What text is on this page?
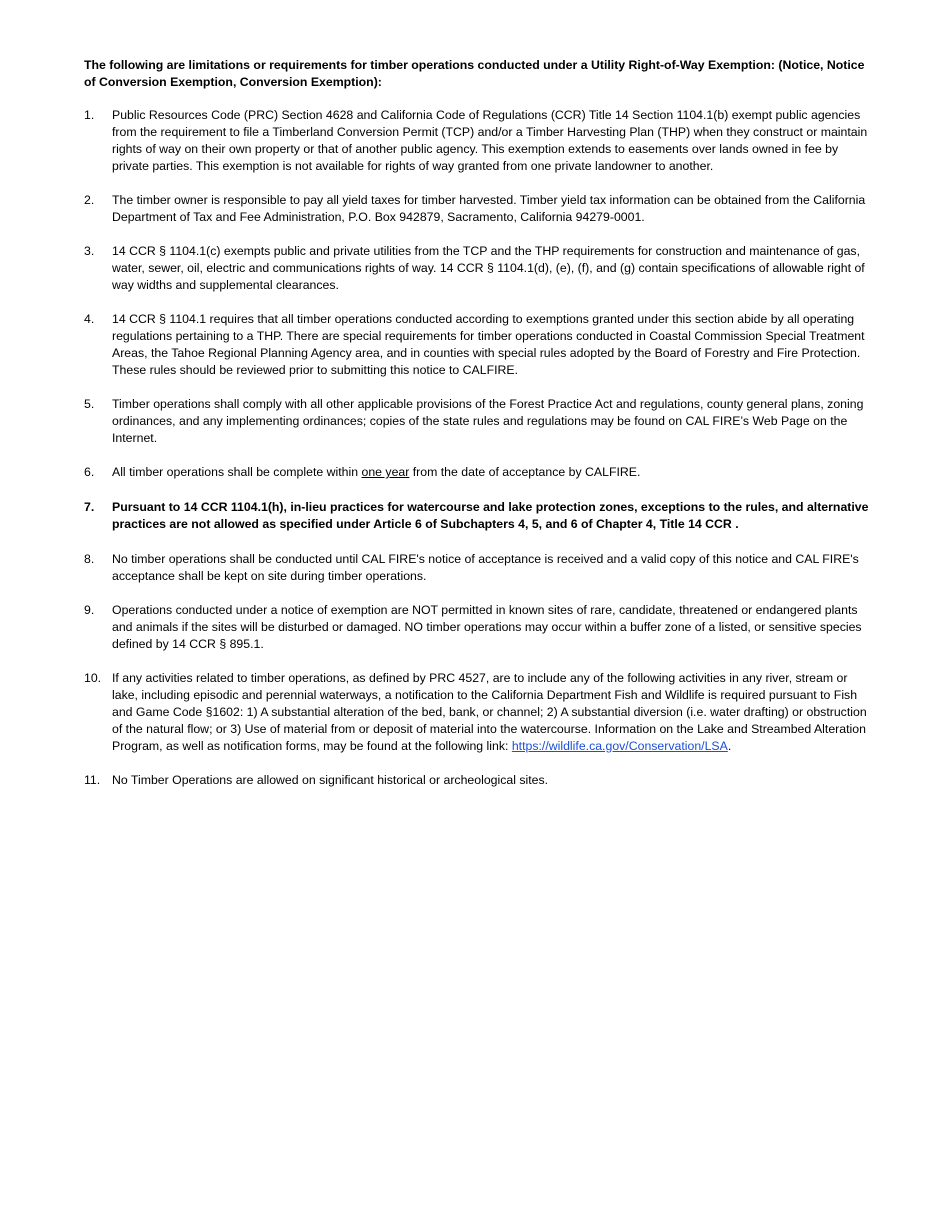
The following are limitations or requirements for timber operations conducted under a Utility Right-of-Way Exemption: (Notice, Notice of Conversion Exemption, Conversion Exemption):

1.	Public Resources Code (PRC) Section 4628 and California Code of Regulations (CCR) Title 14 Section 1104.1(b) exempt public agencies from the requirement to file a Timberland Conversion Permit (TCP) and/or a Timber Harvesting Plan (THP) when they construct or maintain rights of way on their own property or that of another public agency. This exemption extends to easements over lands owned in fee by private parties. This exemption is not available for rights of way granted from one private landowner to another.
2.	The timber owner is responsible to pay all yield taxes for timber harvested. Timber yield tax information can be obtained from the California Department of Tax and Fee Administration, P.O. Box 942879, Sacramento, California 94279-0001.
3.	14 CCR § 1104.1(c) exempts public and private utilities from the TCP and the THP requirements for construction and maintenance of gas, water, sewer, oil, electric and communications rights of way. 14 CCR § 1104.1(d), (e), (f), and (g) contain specifications of allowable right of way widths and supplemental clearances.
4.	14 CCR § 1104.1 requires that all timber operations conducted according to exemptions granted under this section abide by all operating regulations pertaining to a THP. There are special requirements for timber operations conducted in Coastal Commission Special Treatment Areas, the Tahoe Regional Planning Agency area, and in counties with special rules adopted by the Board of Forestry and Fire Protection. These rules should be reviewed prior to submitting this notice to CALFIRE.
5.	Timber operations shall comply with all other applicable provisions of the Forest Practice Act and regulations, county general plans, zoning ordinances, and any implementing ordinances; copies of the state rules and regulations may be found on CAL FIRE’s Web Page on the Internet.
6.	All timber operations shall be complete within one year from the date of acceptance by CALFIRE.
7.	Pursuant to 14 CCR 1104.1(h), in-lieu practices for watercourse and lake protection zones, exceptions to the rules, and alternative practices are not allowed as specified under Article 6 of Subchapters 4, 5, and 6 of Chapter 4, Title 14 CCR .
8.	No timber operations shall be conducted until CAL FIRE's notice of acceptance is received and a valid copy of this notice and CAL FIRE's acceptance shall be kept on site during timber operations.
9.	Operations conducted under a notice of exemption are NOT permitted in known sites of rare, candidate, threatened or endangered plants and animals if the sites will be disturbed or damaged. NO timber operations may occur within a buffer zone of a listed, or sensitive species defined by 14 CCR § 895.1.
10. If any activities related to timber operations, as defined by PRC 4527, are to include any of the following activities in any river, stream or lake, including episodic and perennial waterways, a notification to the California Department Fish and Wildlife is required pursuant to Fish and Game Code §1602: 1) A substantial alteration of the bed, bank, or channel; 2) A substantial diversion (i.e. water drafting) or obstruction of the natural flow; or 3) Use of material from or deposit of material into the watercourse. Information on the Lake and Streambed Alteration Program, as well as notification forms, may be found at the following link: https://wildlife.ca.gov/Conservation/LSA.
11. No Timber Operations are allowed on significant historical or archeological sites.
